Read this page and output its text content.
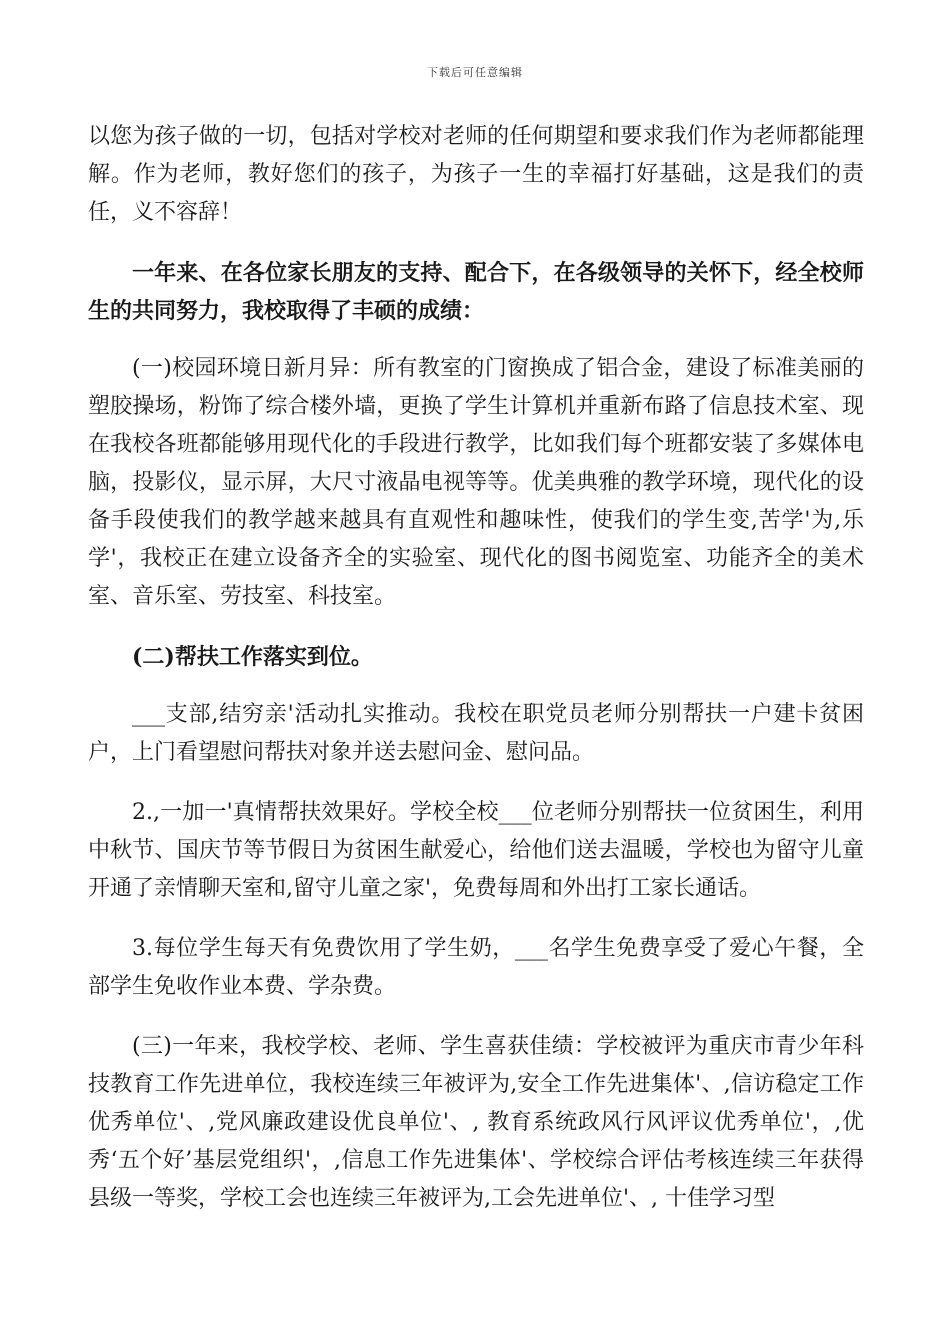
下载后可任意编辑

以您为孩子做的一切，包括对学校对老师的任何期望和要求我们作为老师都能理解。作为老师，教好您们的孩子，为孩子一生的幸福打好基础，这是我们的责任，义不容辞！

一年来、在各位家长朋友的支持、配合下，在各级领导的关怀下，经全校师生的共同努力，我校取得了丰硕的成绩：

(一)校园环境日新月异：所有教室的门窗换成了铝合金，建设了标准美丽的塑胶操场，粉饰了综合楼外墙，更换了学生计算机并重新布路了信息技术室、现在我校各班都能够用现代化的手段进行教学，比如我们每个班都安装了多媒体电脑，投影仪，显示屏，大尺寸液晶电视等等。优美典雅的教学环境，现代化的设备手段使我们的教学越来越具有直观性和趣味性，使我们的学生变,苦学'为,乐学'，我校正在建立设备齐全的实验室、现代化的图书阅览室、功能齐全的美术室、音乐室、劳技室、科技室。

(二)帮扶工作落实到位。

___支部,结穷亲'活动扎实推动。我校在职党员老师分别帮扶一户建卡贫困户，上门看望慰问帮扶对象并送去慰问金、慰问品。

2.,一加一'真情帮扶效果好。学校全校___位老师分别帮扶一位贫困生，利用中秋节、国庆节等节假日为贫困生献爱心，给他们送去温暖，学校也为留守儿童开通了亲情聊天室和,留守儿童之家'，免费每周和外出打工家长通话。

3.每位学生每天有免费饮用了学生奶，___名学生免费享受了爱心午餐，全部学生免收作业本费、学杂费。

(三)一年来，我校学校、老师、学生喜获佳绩：学校被评为重庆市青少年科技教育工作先进单位，我校连续三年被评为,安全工作先进集体'、,信访稳定工作优秀单位'、,党风廉政建设优良单位'、, 教育系统政风行风评议优秀单位'，,优秀‘五个好’基层党组织'，,信息工作先进集体'、学校综合评估考核连续三年获得县级一等奖，学校工会也连续三年被评为,工会先进单位'、, 十佳学习型
